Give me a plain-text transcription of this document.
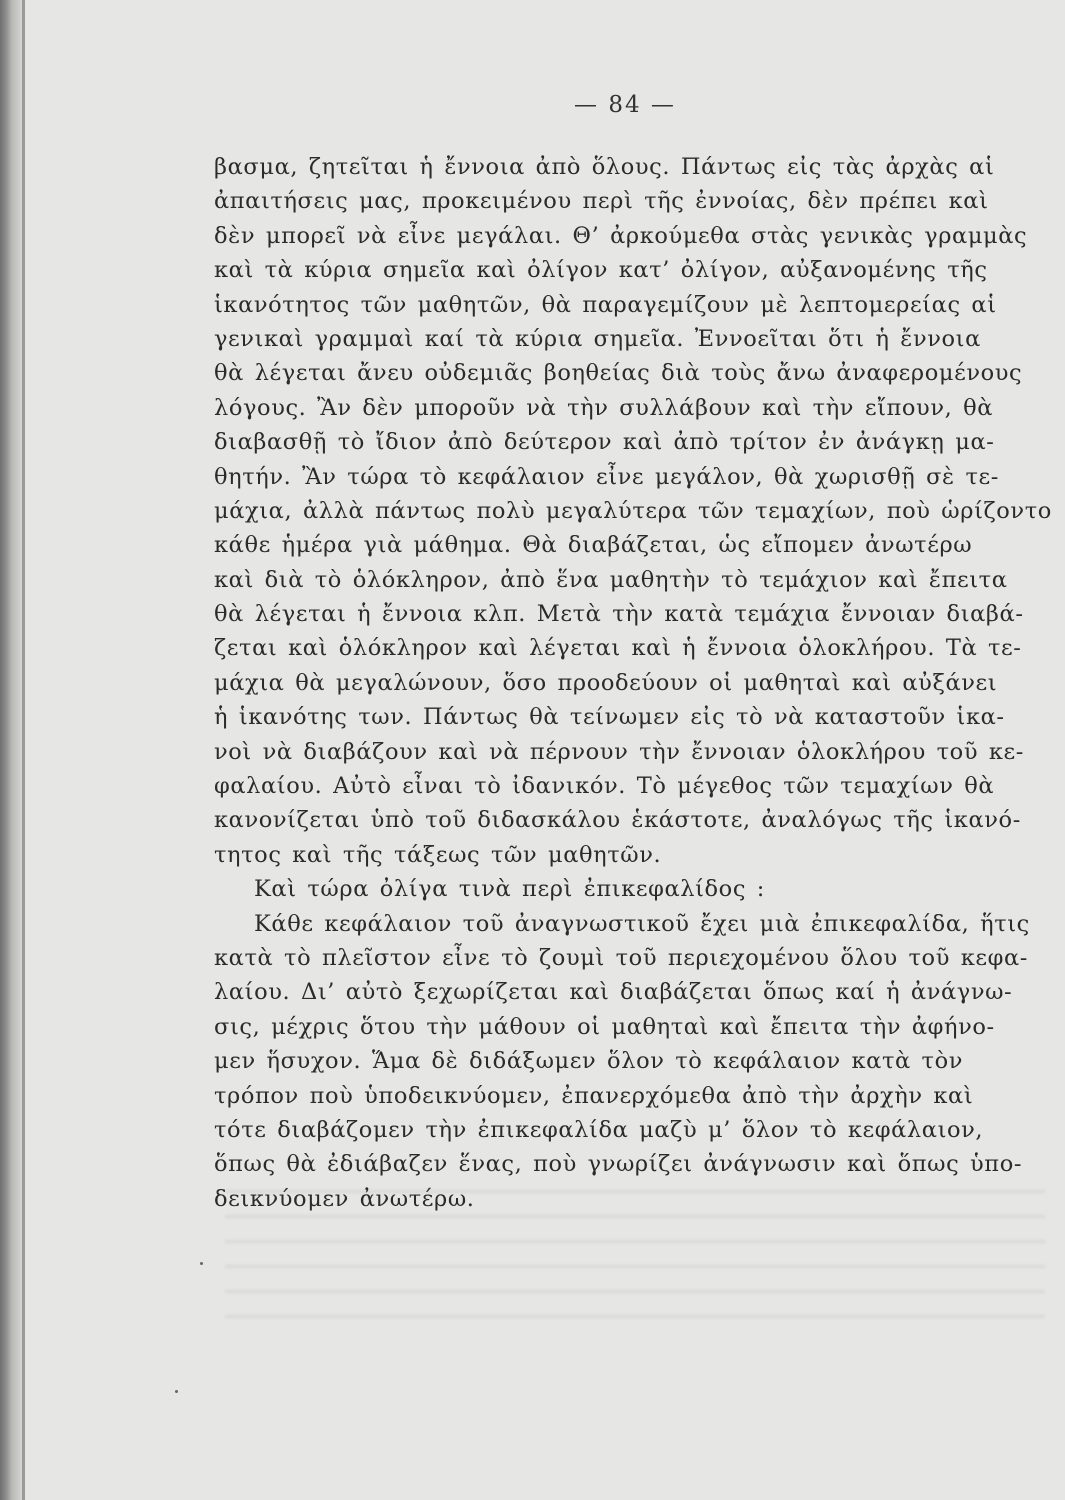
— 84 —
βασμα, ζητεῖται ἡ ἔννοια ἀπὸ ὅλους. Πάντως εἰς τὰς ἀρχὰς αἱ
ἀπαιτήσεις μας, προκειμένου περὶ τῆς ἐννοίας, δὲν πρέπει καὶ
δὲν μπορεῖ νὰ εἶνε μεγάλαι. Θ’ ἀρκούμεθα στὰς γενικὰς γραμμὰς
καὶ τὰ κύρια σημεῖα καὶ ὀλίγον κατ’ ὀλίγον, αὐξανομένης τῆς
ἱκανότητος τῶν μαθητῶν, θὰ παραγεμίζουν μὲ λεπτομερείας αἱ
γενικαὶ γραμμαὶ καί τὰ κύρια σημεῖα. Ἐννοεῖται ὅτι ἡ ἔννοια
θὰ λέγεται ἄνευ οὐδεμιᾶς βοηθείας διὰ τοὺς ἄνω ἀναφερομένους
λόγους. Ἂν δὲν μπορoῦν νὰ τὴν συλλάβουν καὶ τὴν εἴπουν, θὰ
διαβασθῇ τὸ ἴδιον ἀπὸ δεύτερον καὶ ἀπὸ τρίτον ἐν ἀνάγκῃ μα-
θητήν. Ἂν τώρα τὸ κεφάλαιον εἶνε μεγάλον, θὰ χωρισθῇ σὲ τε-
μάχια, ἀλλὰ πάντως πολὺ μεγαλύτερα τῶν τεμαχίων, ποὺ ὡρίζοντο
κάθε ἡμέρα γιὰ μάθημα. Θὰ διαβάζεται, ὡς εἴπομεν ἀνωτέρω
καὶ διὰ τὸ ὁλόκληρον, ἀπὸ ἕνα μαθητὴν τὸ τεμάχιον καὶ ἔπειτα
θὰ λέγεται ἡ ἔννοια κλπ. Μετὰ τὴν κατὰ τεμάχια ἔννοιαν διαβά-
ζεται καὶ ὁλόκληρον καὶ λέγεται καὶ ἡ ἔννοια ὁλοκλήρου. Τὰ τε-
μάχια θὰ μεγαλώνουν, ὅσο προοδεύουν οἱ μαθηταὶ καὶ αὐξάνει
ἡ ἱκανότης των. Πάντως θὰ τείνωμεν εἰς τὸ νὰ καταστοῦν ἱκα-
νοὶ νὰ διαβάζουν καὶ νὰ πέρνουν τὴν ἔννοιαν ὁλοκλήρου τοῦ κε-
φαλαίου. Αὐτὸ εἶναι τὸ ἰδανικόν. Τὸ μέγεθος τῶν τεμαχίων θὰ
κανονίζεται ὑπὸ τοῦ διδασκάλου ἑκάστοτε, ἀναλόγως τῆς ἱκανό-
τητος καὶ τῆς τάξεως τῶν μαθητῶν.
Καὶ τώρα ὀλίγα τινὰ περὶ ἐπικεφαλίδος :
Κάθε κεφάλαιον τοῦ ἀναγνωστικοῦ ἔχει μιὰ ἐπικεφαλίδα, ἥτις
κατὰ τὸ πλεῖστον εἶνε τὸ ζουμὶ τοῦ περιεχομένου ὅλου τοῦ κεφα-
λαίου. Δι’ αὐτὸ ξεχωρίζεται καὶ διαβάζεται ὅπως καί ἡ ἀνάγνω-
σις, μέχρις ὅτου τὴν μάθουν οἱ μαθηταὶ καὶ ἔπειτα τὴν ἀφήνο-
μεν ἥσυχον. Ἅμα δὲ διδάξωμεν ὅλον τὸ κεφάλαιον κατὰ τὸν
τρόπον ποὺ ὑποδεικνύομεν, ἐπανερχόμεθα ἀπὸ τὴν ἀρχὴν καὶ
τότε διαβάζομεν τὴν ἐπικεφαλίδα μαζὺ μ’ ὅλον τὸ κεφάλαιον,
ὅπως θὰ ἐδιάβαζεν ἕνας, ποὺ γνωρίζει ἀνάγνωσιν καὶ ὅπως ὑπο-
δεικνύομεν ἀνωτέρω.
